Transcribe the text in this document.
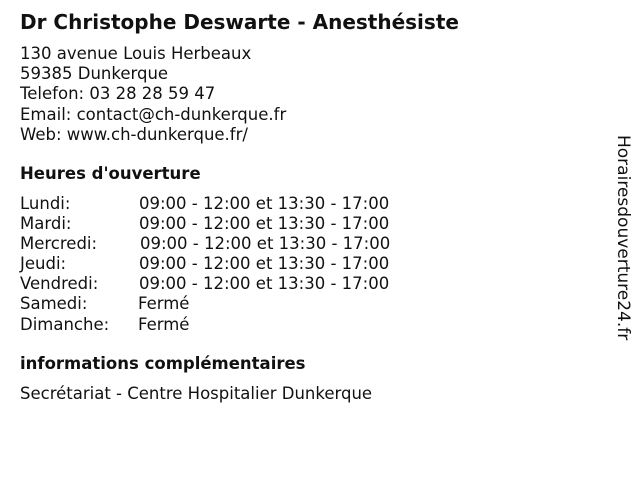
Dr Christophe Deswarte - Anesthésiste
130 avenue Louis Herbeaux
59385 Dunkerque
Telefon: 03 28 28 59 47
Email: contact@ch-dunkerque.fr
Web: www.ch-dunkerque.fr/
Heures d'ouverture
Lundi:	09:00 - 12:00 et 13:30 - 17:00
Mardi:	09:00 - 12:00 et 13:30 - 17:00
Mercredi:	09:00 - 12:00 et 13:30 - 17:00
Jeudi:	09:00 - 12:00 et 13:30 - 17:00
Vendredi: 09:00 - 12:00 et 13:30 - 17:00
Samedi:	Fermé
Dimanche: Fermé
informations complémentaires
Secrétariat - Centre Hospitalier Dunkerque
Horairesdouverture24.fr
